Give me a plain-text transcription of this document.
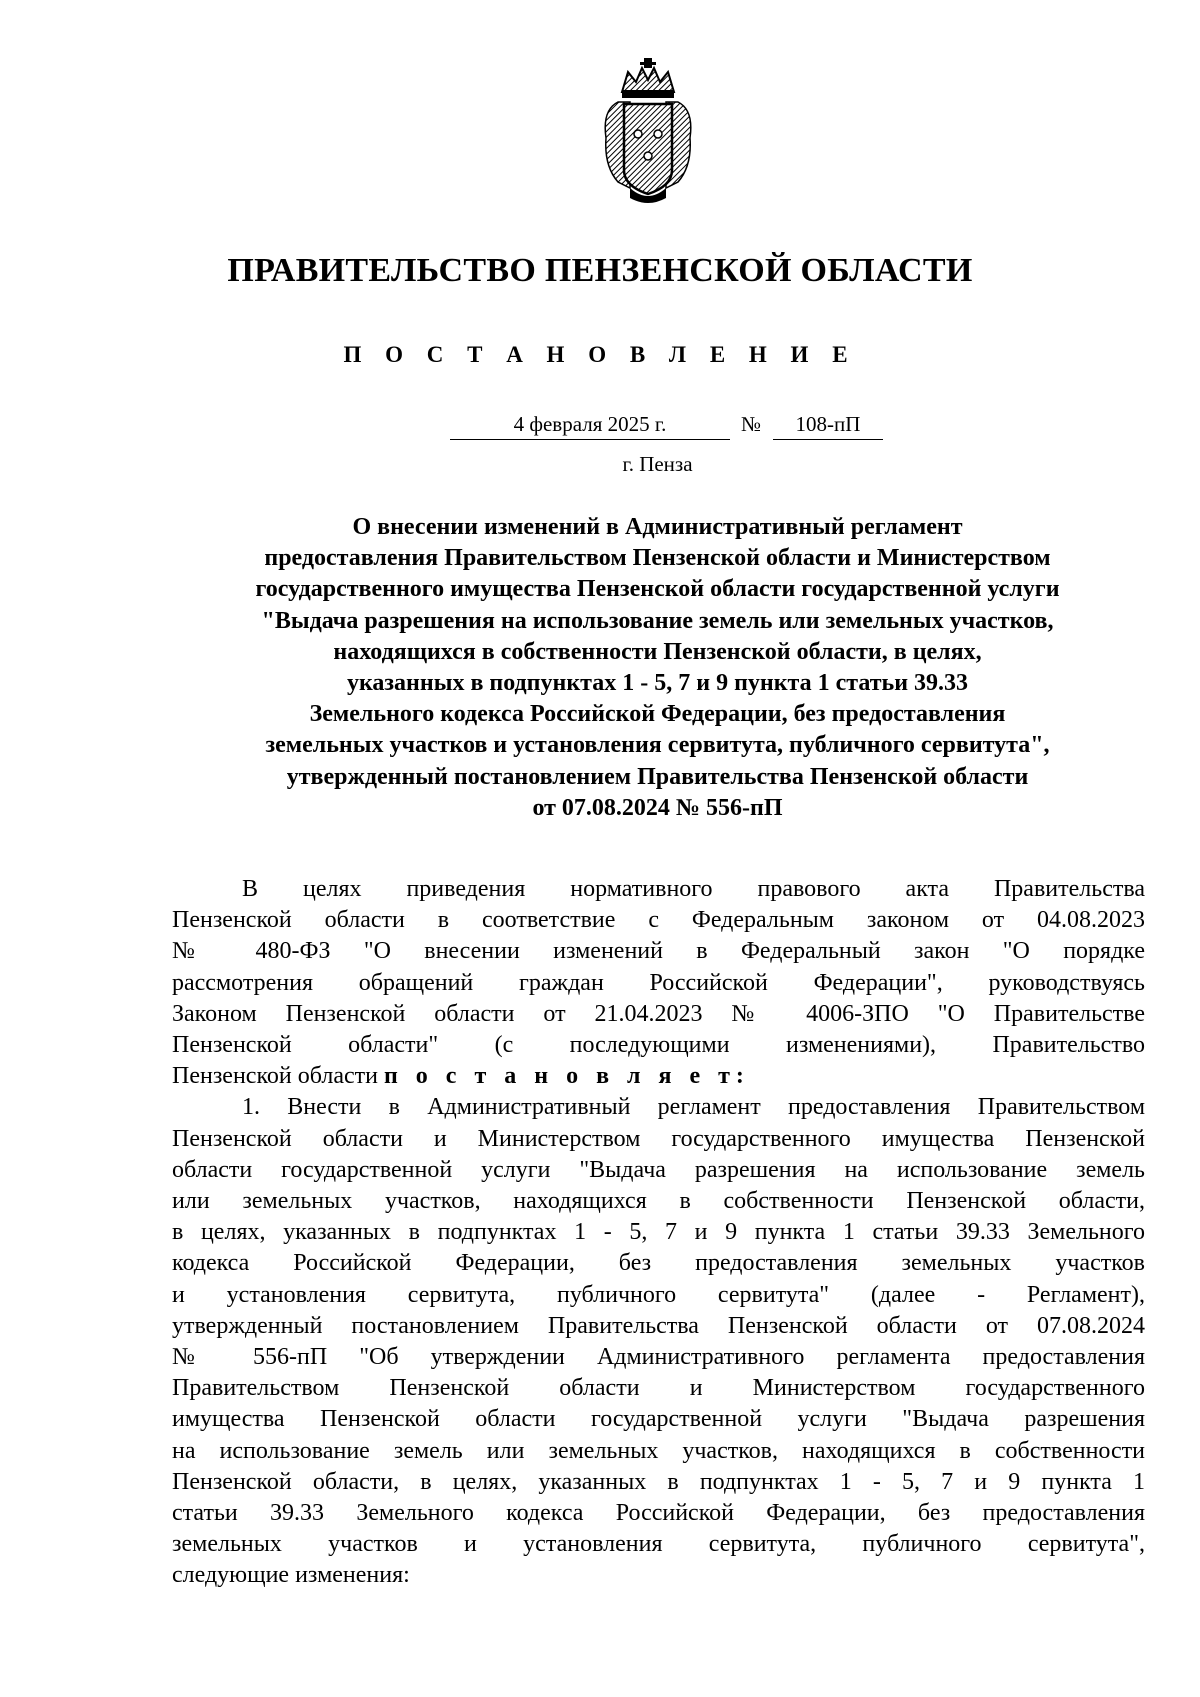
ПРАВИТЕЛЬСТВО ПЕНЗЕНСКОЙ ОБЛАСТИ
П О С Т А Н О В Л Е Н И Е
4 февраля 2025 г.	№	108-пП
г. Пенза
О внесении изменений в Административный регламент
предоставления Правительством Пензенской области и Министерством
государственного имущества Пензенской области государственной услуги
"Выдача разрешения на использование земель или земельных участков,
находящихся в собственности Пензенской области, в целях,
указанных в подпунктах 1 - 5, 7 и 9 пункта 1 статьи 39.33
Земельного кодекса Российской Федерации, без предоставления
земельных участков и установления сервитута, публичного сервитута",
утвержденный постановлением Правительства Пензенской области
от 07.08.2024 № 556-пП
В целях приведения нормативного правового акта Правительства
Пензенской области в соответствие с Федеральным законом от 04.08.2023
№ 480-ФЗ "О внесении изменений в Федеральный закон "О порядке
рассмотрения обращений граждан Российской Федерации", руководствуясь
Законом Пензенской области от 21.04.2023 № 4006-ЗПО "О Правительстве
Пензенской области" (с последующими изменениями), Правительство
Пензенской области п о с т а н о в л я е т:
1. Внести в Административный регламент предоставления Правительством
Пензенской области и Министерством государственного имущества Пензенской
области государственной услуги "Выдача разрешения на использование земель
или земельных участков, находящихся в собственности Пензенской области,
в целях, указанных в подпунктах 1 - 5, 7 и 9 пункта 1 статьи 39.33 Земельного
кодекса Российской Федерации, без предоставления земельных участков
и установления сервитута, публичного сервитута" (далее - Регламент),
утвержденный постановлением Правительства Пензенской области от 07.08.2024
№ 556-пП "Об утверждении Административного регламента предоставления
Правительством Пензенской области и Министерством государственного
имущества Пензенской области государственной услуги "Выдача разрешения
на использование земель или земельных участков, находящихся в собственности
Пензенской области, в целях, указанных в подпунктах 1 - 5, 7 и 9 пункта 1
статьи 39.33 Земельного кодекса Российской Федерации, без предоставления
земельных участков и установления сервитута, публичного сервитута",
следующие изменения:
